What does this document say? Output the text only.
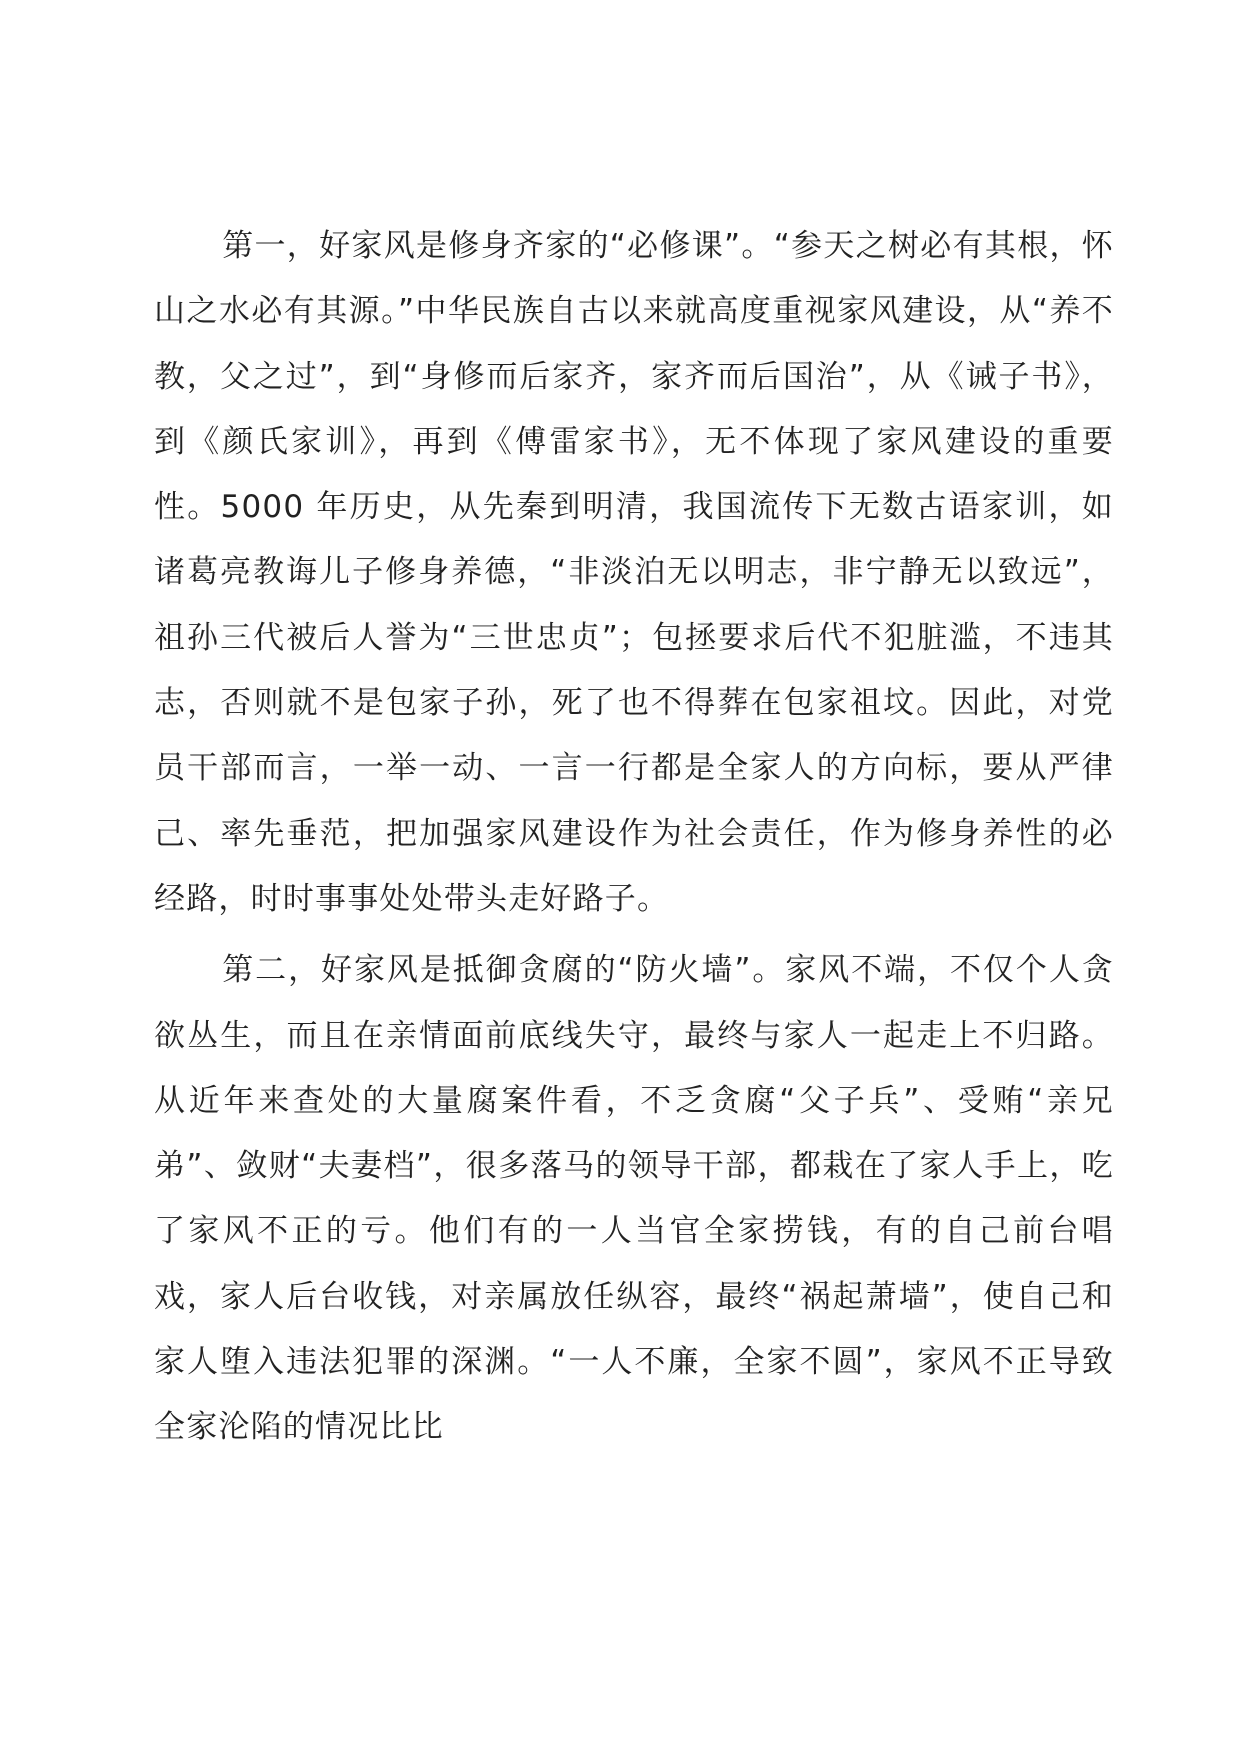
第一，好家风是修身齐家的“必修课”。“参天之树必有其根，怀山之水必有其源。”中华民族自古以来就高度重视家风建设，从“养不教，父之过”，到“身修而后家齐，家齐而后国治”，从《诫子书》，到《颜氏家训》，再到《傅雷家书》，无不体现了家风建设的重要性。5000 年历史，从先秦到明清，我国流传下无数古语家训，如诸葛亮教诲儿子修身养德，“非淡泊无以明志，非宁静无以致远”，祖孙三代被后人誉为“三世忠贞”；包拯要求后代不犯脏滥，不违其志，否则就不是包家子孙，死了也不得葬在包家祖坟。因此，对党员干部而言，一举一动、一言一行都是全家人的方向标，要从严律己、率先垂范，把加强家风建设作为社会责任，作为修身养性的必经路，时时事事处处带头走好路子。

第二，好家风是抵御贪腐的“防火墙”。家风不端，不仅个人贪欲丛生，而且在亲情面前底线失守，最终与家人一起走上不归路。从近年来查处的大量腐案件看，不乏贪腐“父子兵”、受贿“亲兄弟”、敛财“夫妻档”，很多落马的领导干部，都栽在了家人手上，吃了家风不正的亏。他们有的一人当官全家捞钱，有的自己前台唱戏，家人后台收钱，对亲属放任纵容，最终“祸起萧墙”，使自己和家人堕入违法犯罪的深渊。“一人不廉，全家不圆”，家风不正导致全家沦陷的情况比比
